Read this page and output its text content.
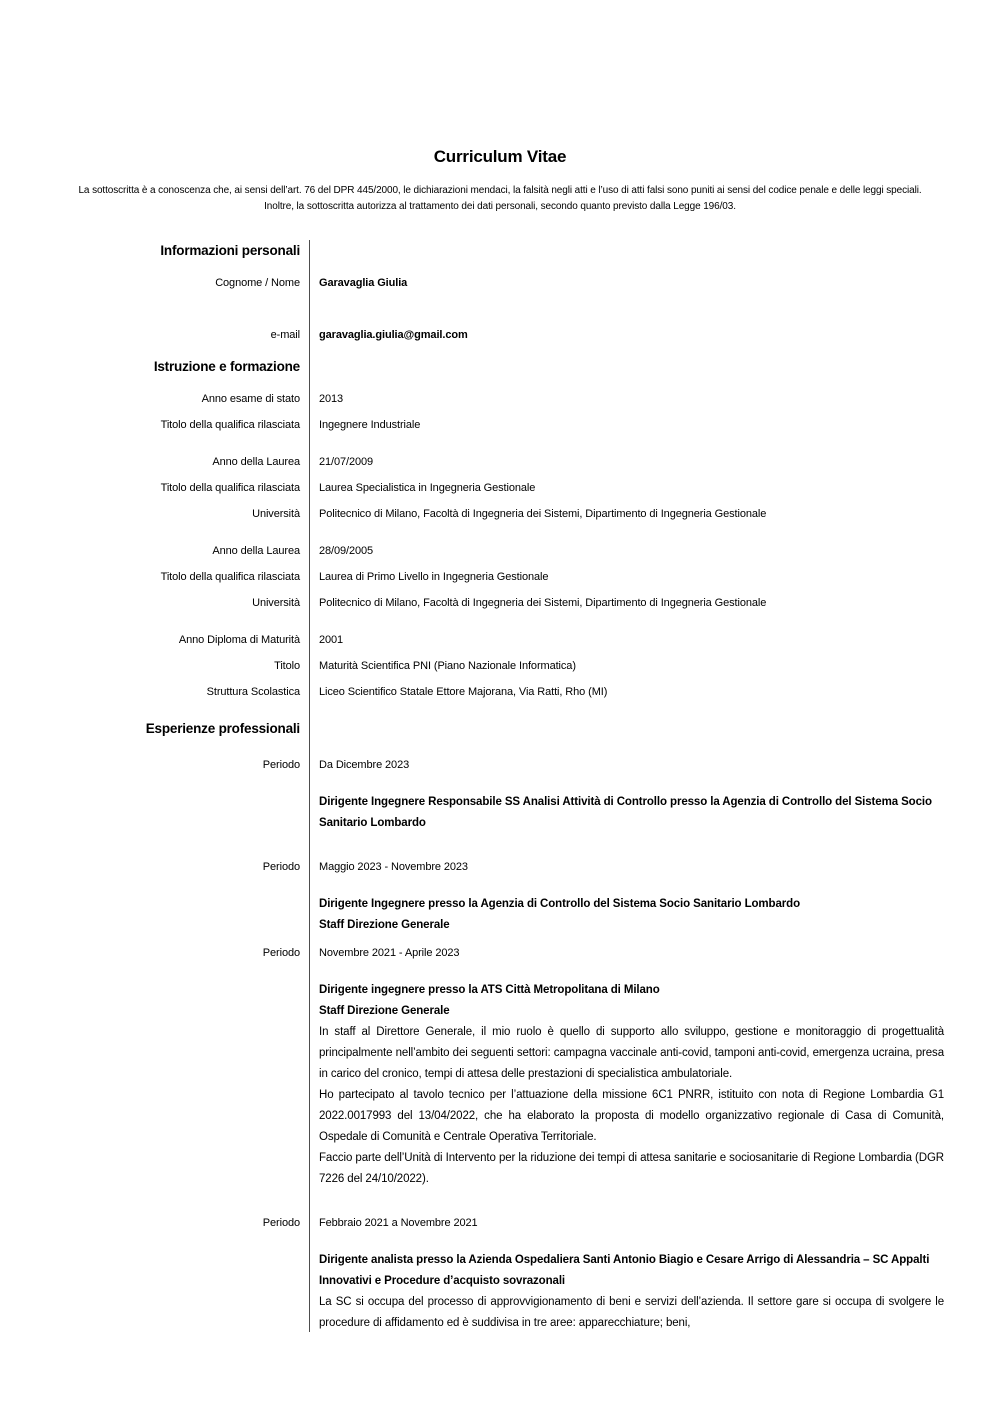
Curriculum Vitae

La sottoscritta è a conoscenza che, ai sensi dell’art. 76 del DPR 445/2000, le dichiarazioni mendaci, la falsità negli atti e l’uso di atti falsi sono puniti ai sensi del codice penale e delle leggi speciali. Inoltre, la sottoscritta autorizza al trattamento dei dati personali, secondo quanto previsto dalla Legge 196/03.

Informazioni personali
Cognome / Nome	Garavaglia Giulia
e-mail	garavaglia.giulia@gmail.com
Istruzione e formazione
Anno esame di stato	2013
Titolo della qualifica rilasciata	Ingegnere Industriale
Anno della Laurea	21/07/2009
Titolo della qualifica rilasciata	Laurea Specialistica in Ingegneria Gestionale
Università	Politecnico di Milano, Facoltà di Ingegneria dei Sistemi, Dipartimento di Ingegneria Gestionale
Anno della Laurea	28/09/2005
Titolo della qualifica rilasciata	Laurea di Primo Livello in Ingegneria Gestionale
Università	Politecnico di Milano, Facoltà di Ingegneria dei Sistemi, Dipartimento di Ingegneria Gestionale
Anno Diploma di Maturità	2001
Titolo	Maturità Scientifica PNI (Piano Nazionale Informatica)
Struttura Scolastica	Liceo Scientifico Statale Ettore Majorana, Via Ratti, Rho (MI)
Esperienze professionali
Periodo	Da Dicembre 2023
Dirigente Ingegnere Responsabile SS Analisi Attività di Controllo presso la Agenzia di Controllo del Sistema Socio Sanitario Lombardo
Periodo	Maggio 2023 - Novembre 2023
Dirigente Ingegnere presso la Agenzia di Controllo del Sistema Socio Sanitario Lombardo
Staff Direzione Generale
Periodo	Novembre 2021 - Aprile 2023
Dirigente ingegnere presso la ATS Città Metropolitana di Milano
Staff Direzione Generale

In staff al Direttore Generale, il mio ruolo è quello di supporto allo sviluppo, gestione e monitoraggio di progettualità principalmente nell’ambito dei seguenti settori: campagna vaccinale anti-covid, tamponi anti-covid, emergenza ucraina, presa in carico del cronico, tempi di attesa delle prestazioni di specialistica ambulatoriale.

Ho partecipato al tavolo tecnico per l’attuazione della missione 6C1 PNRR, istituito con nota di Regione Lombardia G1 2022.0017993 del 13/04/2022, che ha elaborato la proposta di modello organizzativo regionale di Casa di Comunità, Ospedale di Comunità e Centrale Operativa Territoriale.

Faccio parte dell’Unità di Intervento per la riduzione dei tempi di attesa sanitarie e sociosanitarie di Regione Lombardia (DGR 7226 del 24/10/2022).

Periodo	Febbraio 2021 a Novembre 2021
Dirigente analista presso la Azienda Ospedaliera Santi Antonio Biagio e Cesare Arrigo di Alessandria – SC Appalti Innovativi e Procedure d’acquisto sovrazonali

La SC si occupa del processo di approvvigionamento di beni e servizi dell’azienda. Il settore gare si occupa di svolgere le procedure di affidamento ed è suddivisa in tre aree: apparecchiature; beni,
